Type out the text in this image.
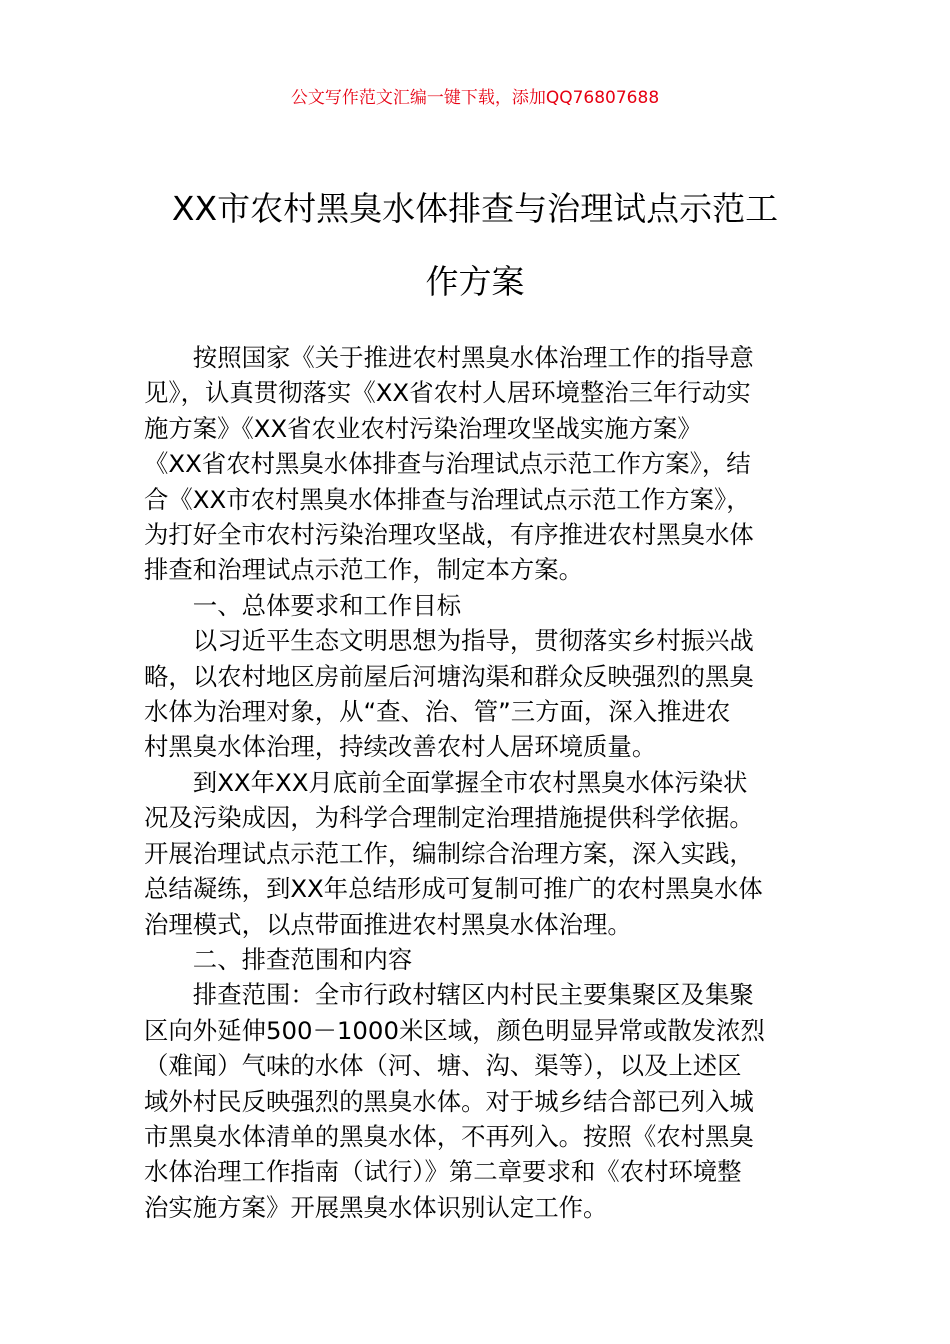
公文写作范文汇编一键下载，添加QQ76807688
XX市农村黑臭水体排查与治理试点示范工
作方案

按照国家《关于推进农村黑臭水体治理工作的指导意
见》，认真贯彻落实《XX省农村人居环境整治三年行动实
施方案》《XX省农业农村污染治理攻坚战实施方案》
《XX省农村黑臭水体排查与治理试点示范工作方案》，结
合《XX市农村黑臭水体排查与治理试点示范工作方案》，
为打好全市农村污染治理攻坚战，有序推进农村黑臭水体
排查和治理试点示范工作，制定本方案。

一、总体要求和工作目标

以习近平生态文明思想为指导，贯彻落实乡村振兴战
略，以农村地区房前屋后河塘沟渠和群众反映强烈的黑臭
水体为治理对象，从“查、治、管”三方面，深入推进农
村黑臭水体治理，持续改善农村人居环境质量。

到XX年XX月底前全面掌握全市农村黑臭水体污染状
况及污染成因，为科学合理制定治理措施提供科学依据。
开展治理试点示范工作，编制综合治理方案，深入实践，
总结凝练，到XX年总结形成可复制可推广的农村黑臭水体
治理模式，以点带面推进农村黑臭水体治理。

二、排查范围和内容

排查范围：全市行政村辖区内村民主要集聚区及集聚
区向外延伸500－1000米区域，颜色明显异常或散发浓烈
（难闻）气味的水体（河、塘、沟、渠等），以及上述区
域外村民反映强烈的黑臭水体。对于城乡结合部已列入城
市黑臭水体清单的黑臭水体，不再列入。按照《农村黑臭
水体治理工作指南（试行）》第二章要求和《农村环境整
治实施方案》开展黑臭水体识别认定工作。
